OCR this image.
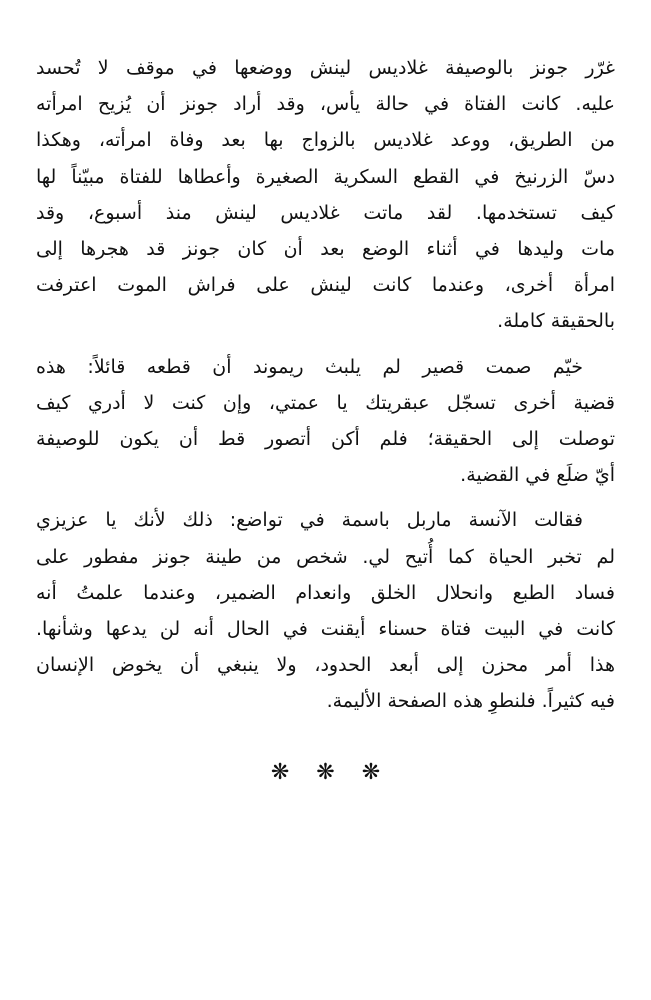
غرّر جونز بالوصيفة غلاديس لينش ووضعها في موقف لا تُحسد
عليه. كانت الفتاة في حالة يأس، وقد أراد جونز أن يُزيح امرأته
من الطريق، ووعد غلاديس بالزواج بها بعد وفاة امرأته، وهكذا
دسّ الزرنيخ في القطع السكرية الصغيرة وأعطاها للفتاة مبيّناً لها
كيف تستخدمها. لقد ماتت غلاديس لينش منذ أسبوع، وقد
مات وليدها في أثناء الوضع بعد أن كان جونز قد هجرها إلى
امرأة أخرى، وعندما كانت لينش على فراش الموت اعترفت
بالحقيقة كاملة.

خيّم صمت قصير لم يلبث ريموند أن قطعه قائلاً: هذه
قضية أخرى تسجّل عبقريتك يا عمتي، وإن كنت لا أدري كيف
توصلت إلى الحقيقة؛ فلم أكن أتصور قط أن يكون للوصيفة
أيّ ضلَع في القضية.

فقالت الآنسة ماربل باسمة في تواضع: ذلك لأنك يا عزيزي
لم تخبر الحياة كما أُتيح لي. شخص من طينة جونز مفطور على
فساد الطبع وانحلال الخلق وانعدام الضمير، وعندما علمتُ أنه
كانت في البيت فتاة حسناء أيقنت في الحال أنه لن يدعها وشأنها.
هذا أمر محزن إلى أبعد الحدود، ولا ينبغي أن يخوض الإنسان
فيه كثيراً. فلنطوِ هذه الصفحة الأليمة.

❋ ❋ ❋
